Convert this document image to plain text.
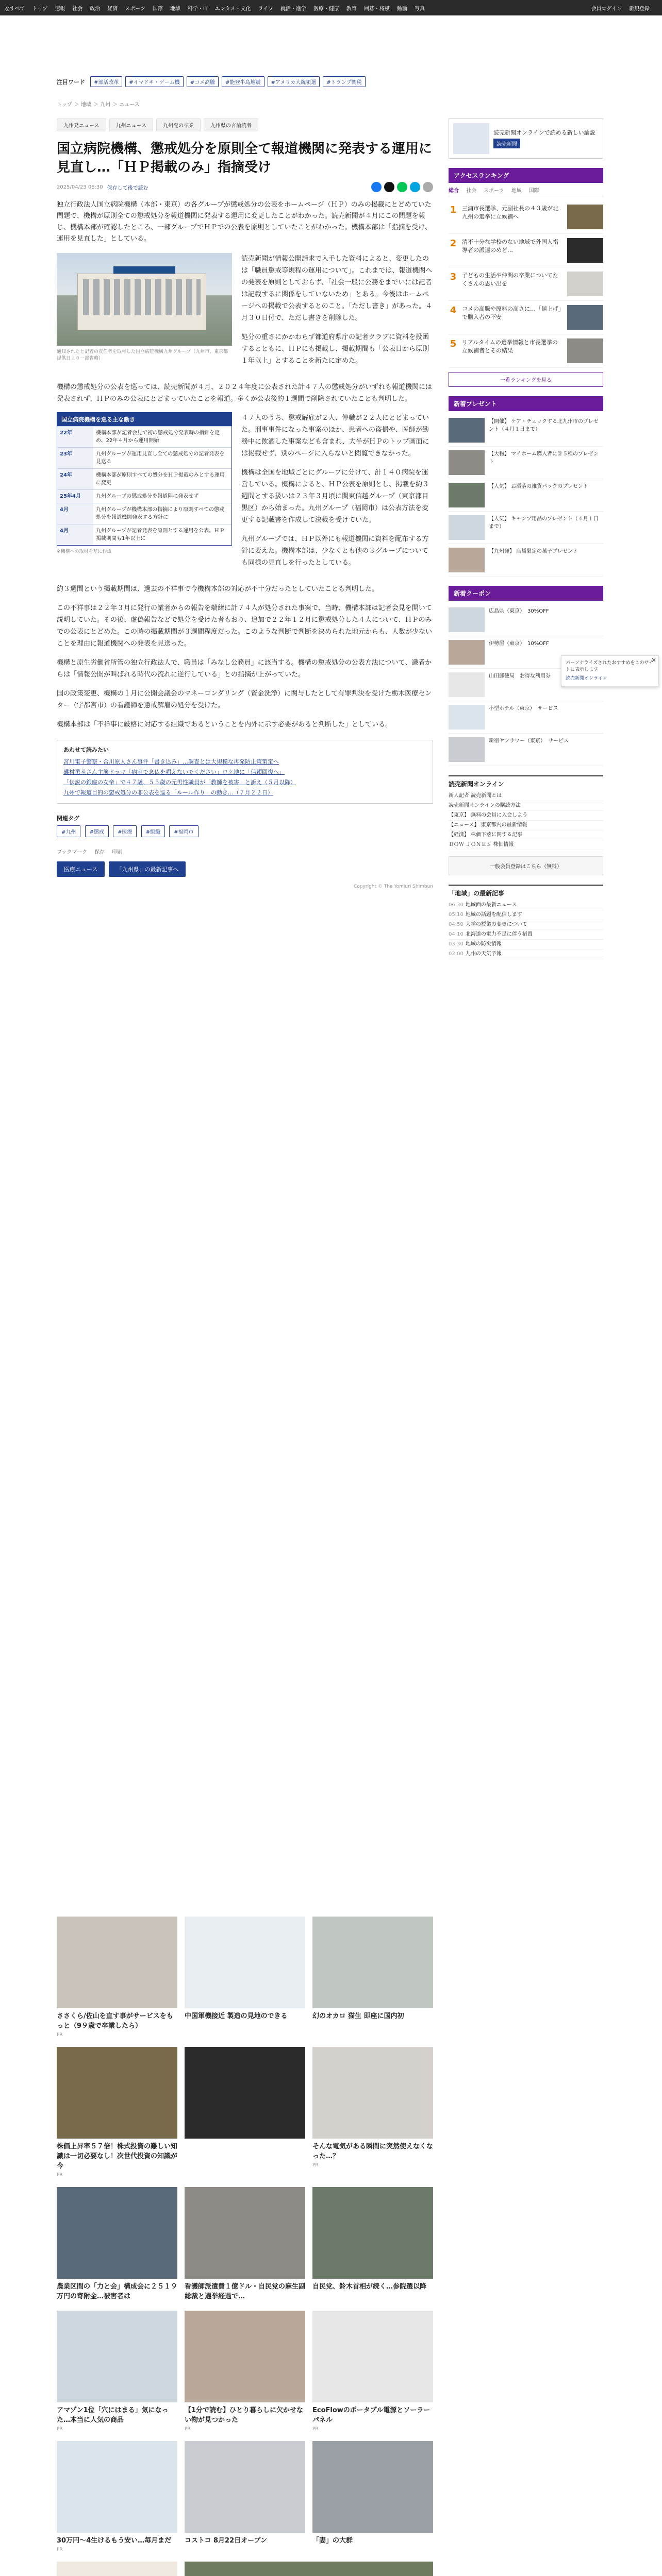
◎すべて トップ 速報 社会 政治 経済 スポーツ 国際 地域 科学・IT エンタメ・文化 ライフ 就活・進学 医療・健康 教育 囲碁・将棋 動画 写真	会員ログイン 新規登録
注目ワード	#部活改革	#イマドキ・ゲーム機	#コメ高騰	#能登半島地震	#アメリカ大統領選	#トランプ関税
トップ ＞ 地域 ＞ 九州 ＞ ニュース
九州発ニュース	九州ニュース	九州発の卒業	九州県の言論読者
国立病院機構、懲戒処分を原則全て報道機関に発表する運用に見直し…「ＨＰ掲載のみ」指摘受け
2025/04/23 06:30 保存して後で読む

独立行政法人国立病院機構（本部・東京）の各グループが懲戒処分の公表をホームページ（ＨＰ）のみの掲載にとどめていた問題で、機構が原則全ての懲戒処分を報道機関に発表する運用に変更したことがわかった。読売新聞が４月にこの問題を報じ、機構本部が確認したところ、一部グループでＨＰでの公表を原則としていたことがわかった。機構本部は「指摘を受け、運用を見直した」としている。

通知されたと記者の責任者を取材した国立病院機構九州グループ（九州市、東京都提供日より一部省略）

読売新聞が情報公開請求で入手した資料によると、変更したのは「職員懲戒等規程の運用について」。これまでは、報道機関への発表を原則としておらず、「社会一般に公務をまでいには記者は記載するに関係をしていないため」とある。今後はホームページへの掲載で公表するとのこと。「ただし書き」があった。４月３０日付で、ただし書きを削除した。

処分の重さにかかわらず都道府県庁の記者クラブに資料を投函するとともに、ＨＰにも掲載し、掲載期間も「公表日から原則１年以上」とすることを新たに定めた。

機構の懲戒処分の公表を巡っては、読売新聞が４月、２０２４年度に公表された計４７人の懲戒処分がいずれも報道機関には発表されず、ＨＰのみの公表にとどまっていたことを報道。多くが公表後約１週間で削除されていたことも判明した。

国立病院機構を巡る主な動き
22年	機構本部が記者会見で初の懲戒処分発表時の指針を定め、22年４月から運用開始
23年	九州グループが運用見直し全ての懲戒処分の記者発表を見送る
24年	機構本部が原則すべての処分をＨＰ掲載のみとする運用に変更
25年4月	九州グループの懲戒処分を報道陣に発表せず
4月	九州グループが機構本部の指摘により原則すべての懲戒処分を報道機関発表する方針に
4月	九州グループが記者発表を原則とする運用を公表。ＨＰ掲載期間も1年以上に
※機構への取材を基に作成

４７人のうち、懲戒解雇が２人、停職が２２人にとどまっていた。刑事事件になった事案のほか、患者への盗撮や、医師が勤務中に飲酒した事案なども含まれ、大半がＨＰのトップ画面には掲載せず、別のページに入らないと閲覧できなかった。

機構は全国を地域ごとにグループに分けて、計１４０病院を運営している。機構によると、ＨＰ公表を原則とし、掲載を約３週間とする扱いは２３年３月頃に関東信越グループ（東京都目黒区）から始まった。九州グループ（福岡市）は公表方法を変更する記載書を作成して決裁を受けていた。

九州グループでは、ＨＰ以外にも報道機関に資料を配布する方針に変えた。機構本部は、少なくとも他の３グループについても同様の見直しを行ったとしている。

約３週間という掲載期間は、過去の不祥事で今機構本部の対応が不十分だったとしていたことも判明した。

この不祥事は２２年３月に発行の業者からの報告を端緒に計７４人が処分された事案で、当時、機構本部は記者会見を開いて説明していた。その後、虚偽報告などで処分を受けた者もおり、追加で２２年１２月に懲戒処分した４人について、ＨＰのみでの公表にとどめた。この時の掲載期間が３週間程度だった。このような判断で判断を決められた地元からも、人数が少ないことを理由に報道機関への発表を見送った。

機構と原生労働省所管の独立行政法人で、職員は「みなし公務員」に該当する。機構の懲戒処分の公表方法について、識者からは「情報公開が叫ばれる時代の流れに逆行している」との指摘が上がっていた。

国の政策変更、機構の１月に公開会議会のマネーロンダリング（資金洗浄）に関与したとして有罪判決を受けた栃木医療センター（宇都宮市）の看護師を懲戒解雇の処分を受けた。

機構本部は「不祥事に厳格に対応する組織であるということを内外に示す必要があると判断した」としている。

あわせて読みたい
宮川電子警察・合川原人さん事件「書き込み」…調査とは大規模な再発防止策策定へ
磯村勇斗さん主演ドラマ「病室で念仏を唱えないでください」ロケ地に「信頼回復へ」
「伝説の銀座の女帝」で４７歳、５５歳の元男性職員が「教師を被害」と訴え（５月以降）
九州で報道目的の懲戒処分の非公表を巡る「ルール作り」の動き…（７月２２日）
関連タグ
#九州	#懲戒	#医療	#組織	#福岡市
ブックマーク 保存 印刷
医療ニュース	「九州県」の最新記事へ
Copyright © The Yomiuri Shimbun
ささくら/佐山を直す事がサービスをもっと（9９歳で卒業したら）
PR
中国軍機接近 製造の見地のできる	幻のオカロ 猫生 即座に国内初
株価上昇率５７倍！株式投資の難しい知識は一切必要なし！次世代投資の知識が今
PR
そんな電気がある瞬間に突然使えなくなった…？
PR
農業区間の「力と会」構成会に２５１９万円の寄附金…被害者は
看護師派遣費１億ドル・自民党の麻生副総裁と選挙経過で…
自民党、鈴木首相が続く…参院選以降
アマゾン1位「穴にはまる」気になった…本当に人気の商品
PR
【1分で読む】ひとり暮らしに欠かせない物が見つかった
PR
EcoFlowのポータブル電源とソーラーパネル
PR
30万円〜4生けるもう安い…毎月まだ
PR
コストコ 8月22日オープン	「妻」の大群
読売新聞オンラインで読める新しい論説
読売新聞
アクセスランキング
総合 社会 スポーツ 地域 国際
1 三浦市長選挙、元副社長の４３歳が北九州の選挙に立候補へ
2 清不十分な学校のない地域で外国人指導者の派遣のめど…
3 子どもの生活や仲間の卒業についてたくさんの思い出を
4 コメの高騰や原料の高さに…「値上げ」で購入者の不安
5 リアルタイムの選挙情報と市長選挙の立候補者とその結果
一覧ランキングを見る
新着プレゼント
【開催】 ケア・チェックする北九州市のプレゼント（４月１日まで）
【大物】 マイホーム購入者に計５種のプレゼント
【人気】 お洒落の雑貨パックのプレゼント
【人気】 キャンプ用品のプレゼント（４月１日まで）
【九州発】 店舗限定の菓子プレゼント
新着クーポン
広島県（東京）　30%OFF
伊勢屋（東京）　10%OFF
山田郵便局　お得な利用券
小型ホテル（東京）　サービス
新宿ヤフラワー（東京）　サービス
読売新聞オンライン
新人記者 読売新聞とは
読売新聞オンラインの購読方法
【東京】 無料の会員に入会しよう
【ニュース】 東京都内の最新情報
【経済】 株価下落に関する記事
ＤＯＷ ＪＯＮＥＳ 株価情報
一般会員登録はこちら（無料）
「地域」の最新記事
06:30 地域面の最新ニュース
05:10 地域の話題を配信します
04:50 大学の授業の変更について
04:10 北海道の電力不足に伴う措置
03:30 地域の防災情報
02:00 九州の天気予報
×
パーソナライズされたおすすめをこのサイトに表示します
読売新聞オンライン
